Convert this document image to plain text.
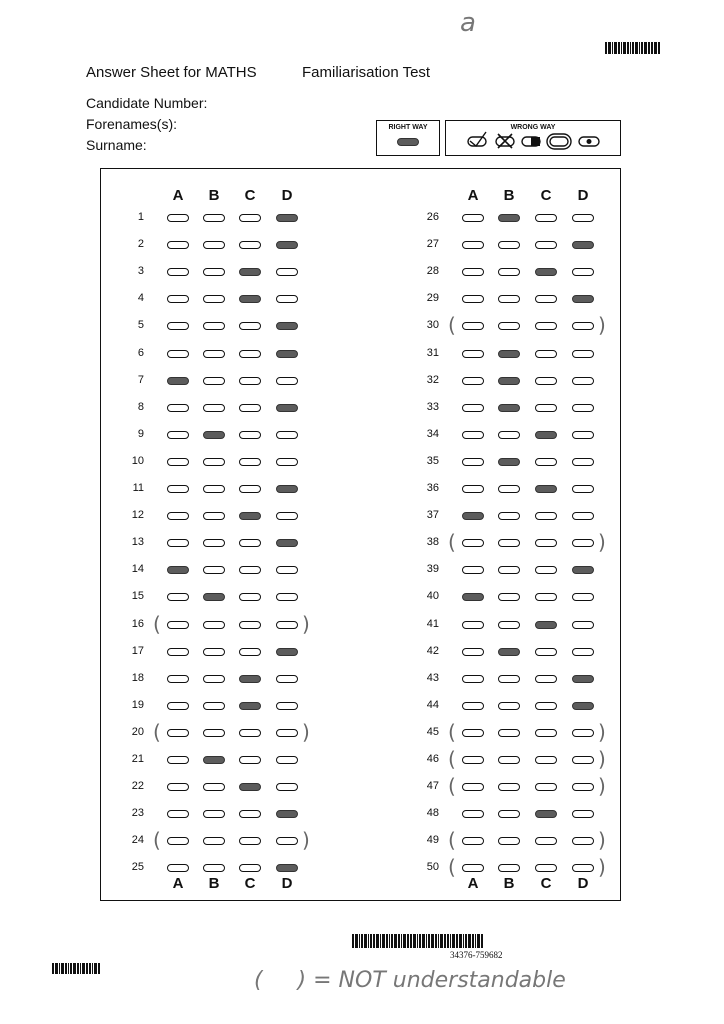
a
Answer Sheet for MATHS	Familiarisation Test
Candidate Number:
Forenames(s):
Surname:
RIGHT WAY	WRONG WAY
A	B	C	D
A	B	C	D
1
2
3
4
5
6
7
8
9
10
11
12
13
14
15
16 (	)
17
18
19
20 (	)
21
22
23
24 (	)
25
A	B	C	D
A	B	C	D
26
27
28
29
30 (	)
31
32
33
34
35
36
37
38 (	)
39
40
41
42
43
44
45 (	)
46 (	)
47 (	)
48
49 (	)
50 (	)
34376-759682
(     ) = NOT understandable
